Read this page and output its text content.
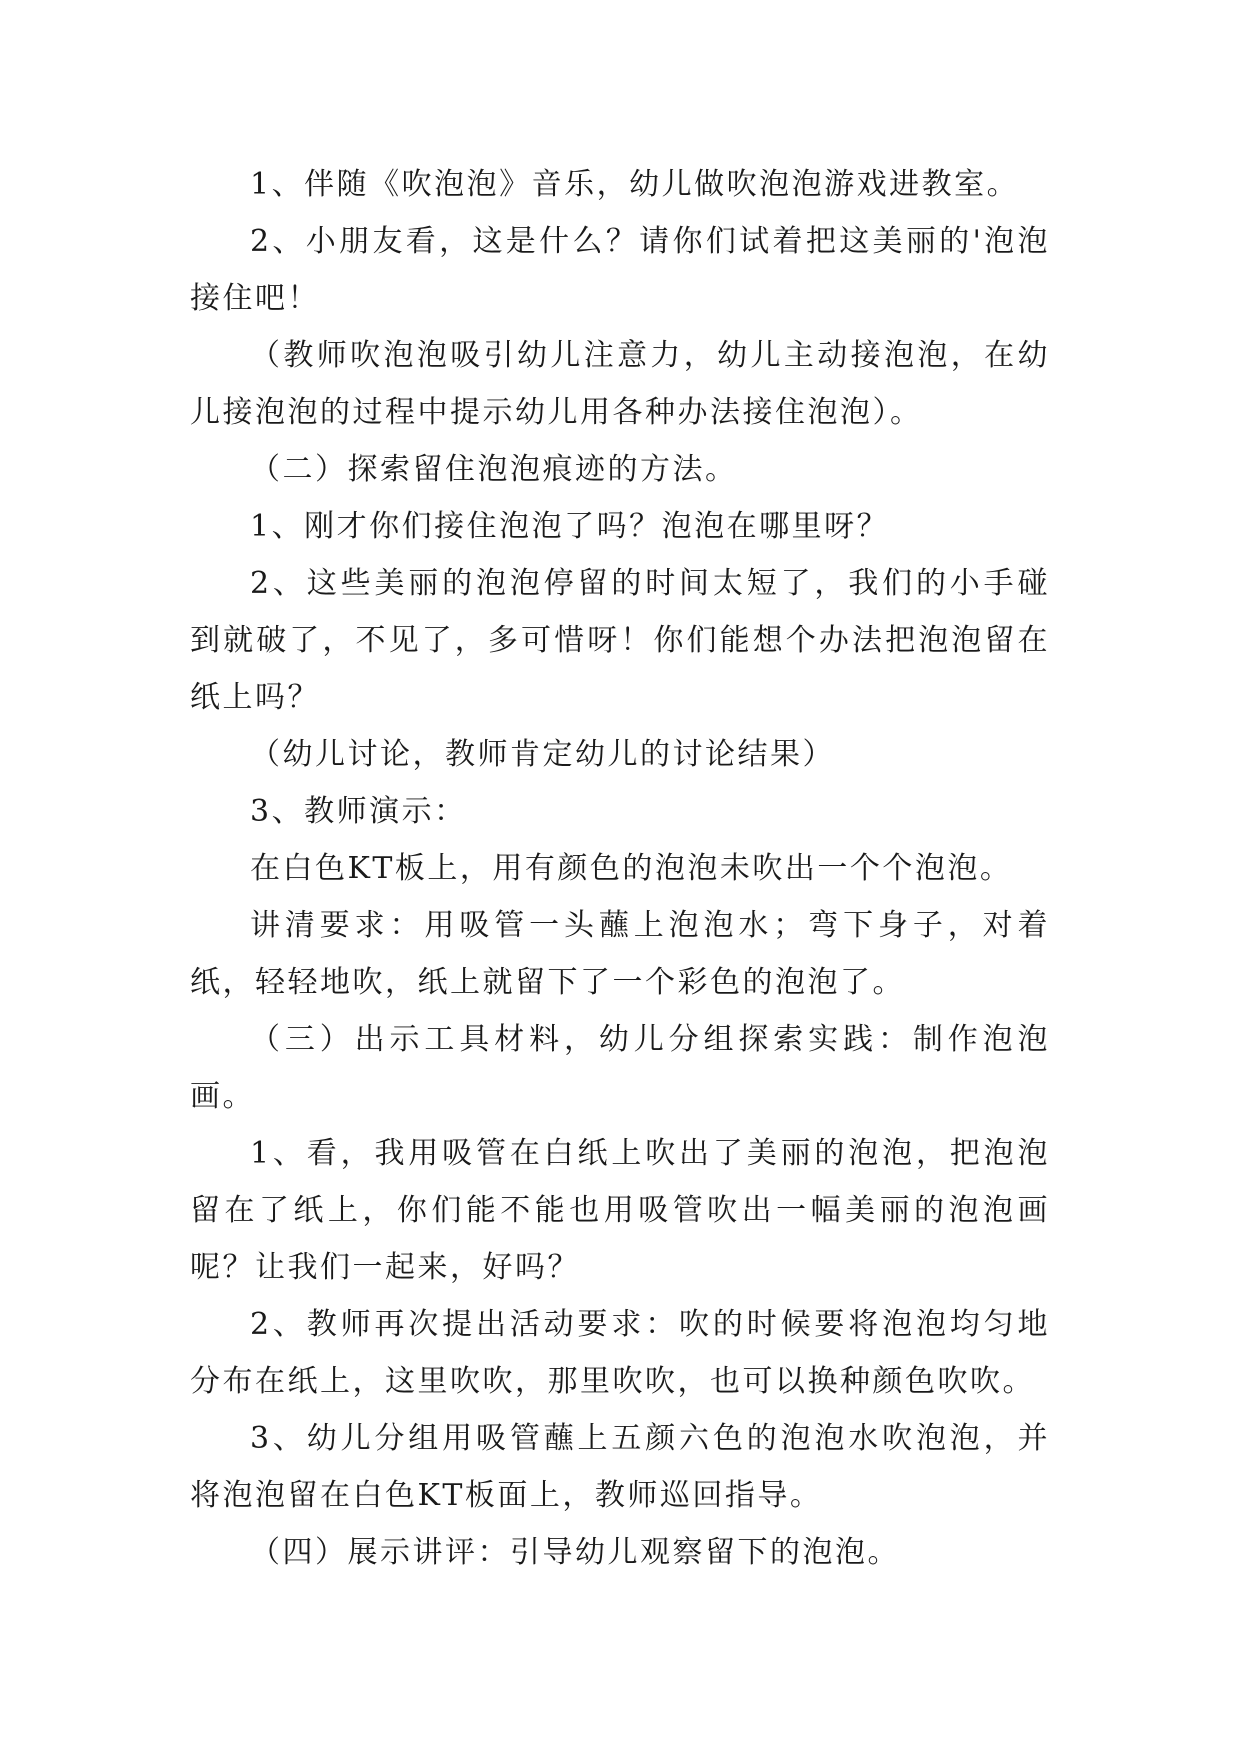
1、伴随《吹泡泡》音乐，幼儿做吹泡泡游戏进教室。

2、小朋友看，这是什么？请你们试着把这美丽的'泡泡接住吧！

（教师吹泡泡吸引幼儿注意力，幼儿主动接泡泡，在幼儿接泡泡的过程中提示幼儿用各种办法接住泡泡）。

（二）探索留住泡泡痕迹的方法。

1、刚才你们接住泡泡了吗？泡泡在哪里呀？

2、这些美丽的泡泡停留的时间太短了，我们的小手碰到就破了，不见了，多可惜呀！你们能想个办法把泡泡留在纸上吗？

（幼儿讨论，教师肯定幼儿的讨论结果）

3、教师演示：

在白色KT板上，用有颜色的泡泡未吹出一个个泡泡。

讲清要求：用吸管一头蘸上泡泡水；弯下身子，对着纸，轻轻地吹，纸上就留下了一个彩色的泡泡了。

（三）出示工具材料，幼儿分组探索实践：制作泡泡画。

1、看，我用吸管在白纸上吹出了美丽的泡泡，把泡泡留在了纸上，你们能不能也用吸管吹出一幅美丽的泡泡画呢？让我们一起来，好吗？

2、教师再次提出活动要求：吹的时候要将泡泡均匀地分布在纸上，这里吹吹，那里吹吹，也可以换种颜色吹吹。

3、幼儿分组用吸管蘸上五颜六色的泡泡水吹泡泡，并将泡泡留在白色KT板面上，教师巡回指导。

（四）展示讲评：引导幼儿观察留下的泡泡。
